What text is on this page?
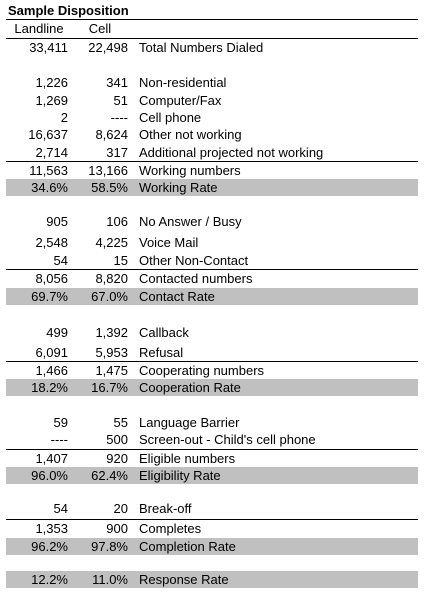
Sample Disposition
Landline	Cell
33,411	22,498 Total Numbers Dialed
1,226	341 Non-residential
1,269	51 Computer/Fax
2	---- Cell phone
16,637	8,624 Other not working
2,714	317 Additional projected not working
11,563	13,166 Working numbers
34.6%	58.5% Working Rate
905	106 No Answer / Busy
2,548	4,225 Voice Mail
54	15 Other Non-Contact
8,056	8,820 Contacted numbers
69.7%	67.0% Contact Rate
499	1,392 Callback
6,091	5,953 Refusal
1,466	1,475 Cooperating numbers
18.2%	16.7% Cooperation Rate
59	55 Language Barrier
----	500 Screen-out - Child's cell phone
1,407	920 Eligible numbers
96.0%	62.4% Eligibility Rate
54	20 Break-off
1,353	900 Completes
96.2%	97.8% Completion Rate
12.2%	11.0% Response Rate
